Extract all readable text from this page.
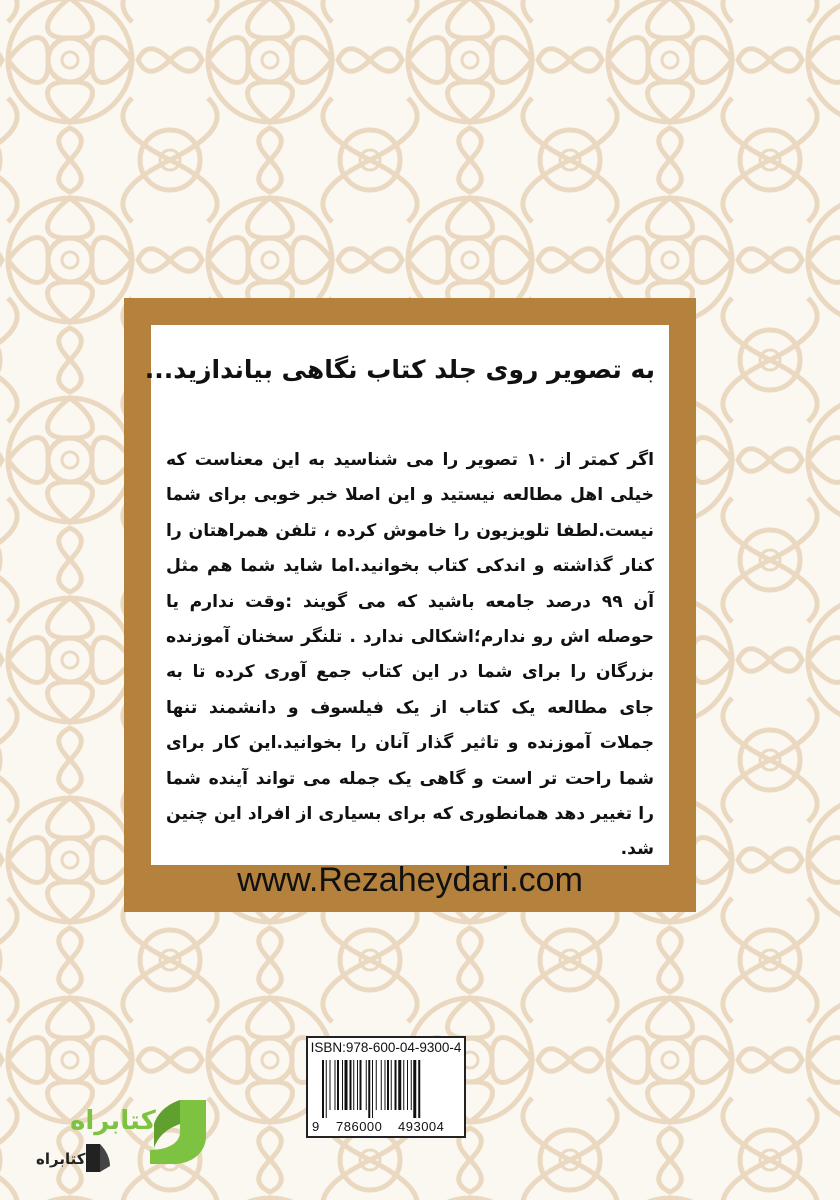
به تصویر روی جلد کتاب نگاهی بیاندازید...

اگر کمتر از ۱۰ تصویر را می شناسید به این معناست که خیلی اهل مطالعه نیستید و این اصلا خبر خوبی برای شما نیست.لطفا تلویزیون را خاموش کرده ، تلفن همراهتان را کنار گذاشته و اندکی کتاب بخوانید.اما شاید شما هم مثل آن ۹۹ درصد جامعه باشید که می گویند :وقت ندارم یا حوصله اش رو ندارم؛اشکالی ندارد . تلنگر سخنان آموزنده بزرگان را برای شما در این کتاب جمع آوری کرده تا به جای مطالعه یک کتاب از یک فیلسوف و دانشمند تنها جملات آموزنده و تاثیر گذار آنان را بخوانید.این کار برای شما راحت تر است و گاهی یک جمله می تواند آینده شما را تغییر دهد همانطوری که برای بسیاری از افراد این چنین شد.

www.Rezaheydari.com
ISBN:978-600-04-9300-4
9 786000 493004
کتابراه
کتابراه
